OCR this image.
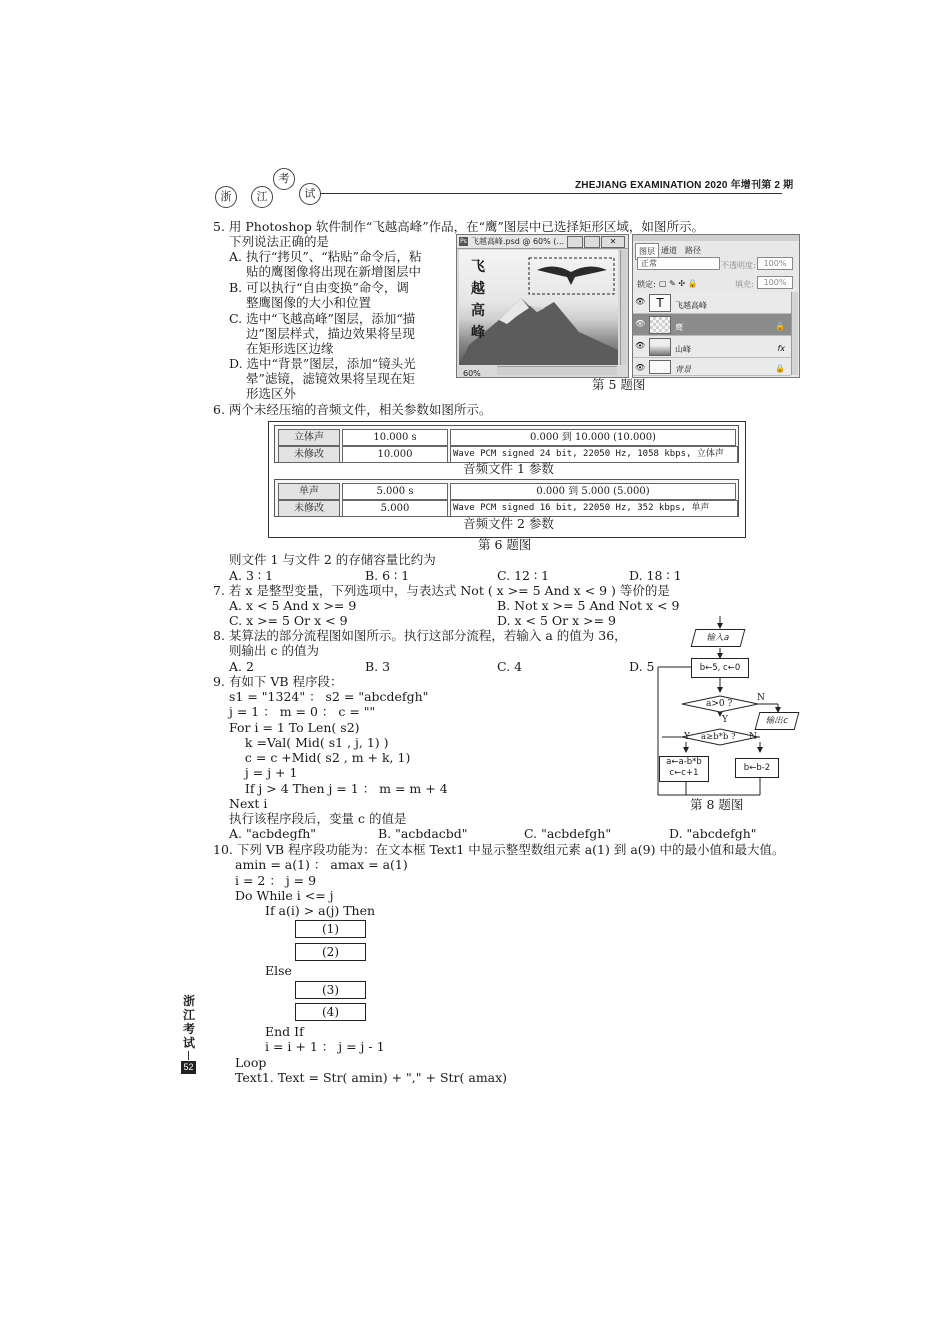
浙	江
考
试
ZHEJIANG EXAMINATION 2020 年增刊第 2 期
5. 用 Photoshop 软件制作“飞越高峰”作品，在“鹰”图层中已选择矩形区域，如图所示。
下列说法正确的是
A. 执行“拷贝”、“粘贴”命令后，粘
贴的鹰图像将出现在新增图层中
B. 可以执行“自由变换”命令，调
整鹰图像的大小和位置
C. 选中“飞越高峰”图层，添加“描
边”图层样式，描边效果将呈现
在矩形选区边缘
D. 选中“背景”图层，添加“镜头光
晕”滤镜，滤镜效果将呈现在矩
形选区外
飞越高峰.psd @ 60% (...
Ps	✕
飞
越
高
峰
60%
图层 通道 路径
正常	不透明度: 100%
锁定: ▢ ✎ ✣ 🔒	填充:	100%
👁 T	飞越高峰
👁	鹰	🔒
👁	山峰	fx
👁	背景	🔒
第 5 题图
6. 两个未经压缩的音频文件，相关参数如图所示。
立体声	10.000 s	0.000 到 10.000 (10.000)
未修改	10.000	Wave PCM signed 24 bit, 22050 Hz, 1058 kbps, 立体声
音频文件 1 参数
单声	5.000 s	0.000 到 5.000 (5.000)
未修改	5.000	Wave PCM signed 16 bit, 22050 Hz, 352 kbps, 单声
音频文件 2 参数
第 6 题图
则文件 1 与文件 2 的存储容量比约为
A. 3 ∶ 1	B. 6 ∶ 1	C. 12 ∶ 1	D. 18 ∶ 1
7. 若 x 是整型变量，下列选项中，与表达式 Not ( x >= 5 And x < 9 ) 等价的是
A. x < 5 And x >= 9	B. Not x >= 5 And Not x < 9
C. x >= 5 Or x < 9	D. x < 5 Or x >= 9
8. 某算法的部分流程图如图所示。执行这部分流程，若输入 a 的值为 36，
则输出 c 的值为
A. 2	B. 3	C. 4	D. 5
输入a
b←5, c←0
a>0 ?
N
输出c
Y
a≥b*b ?
Y	N
a←a-b*b
c←c+1	b←b-2
第 8 题图
9. 有如下 VB 程序段：
s1 = "1324" ： s2 = "abcdefgh"
j = 1 ： m = 0 ： c = ""
For i = 1 To Len( s2)
k =Val( Mid( s1 , j, 1) )
c = c +Mid( s2 , m + k, 1)
j = j + 1
If j > 4 Then j = 1 ： m = m + 4
Next i
执行该程序段后，变量 c 的值是
A. "acbdegfh"	B. "acbdacbd"	C. "acbdefgh"	D. "abcdefgh"
10. 下列 VB 程序段功能为：在文本框 Text1 中显示整型数组元素 a(1) 到 a(9) 中的最小值和最大值。
amin = a(1) ： amax = a(1)
i = 2 ： j = 9
Do While i <= j
If a(i) > a(j) Then
(1)
(2)
Else
(3)
(4)
End If
i = i + 1 ： j = j - 1
Loop
Text1. Text = Str( amin) + "," + Str( amax)
浙
江
考
试
52
